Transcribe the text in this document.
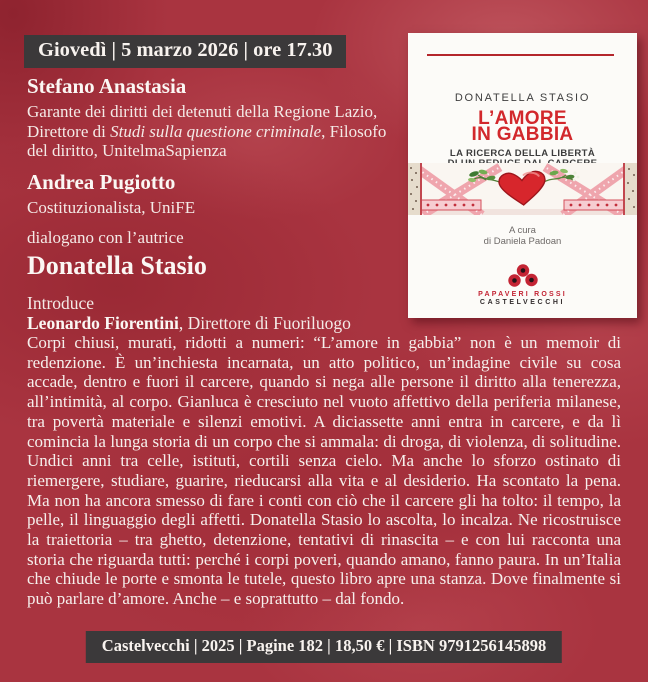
Giovedì | 5 marzo 2026 | ore 17.30
Stefano Anastasia
Garante dei diritti dei detenuti della Regione Lazio, Direttore di Studi sulla questione criminale, Filosofo del diritto, UnitelmaSapienza
Andrea Pugiotto
Costituzionalista, UniFE
dialogano con l’autrice
Donatella Stasio
Introduce
Leonardo Fiorentini, Direttore di Fuoriluogo
DONATELLA STASIO
L’AMORE
IN GABBIA
LA RICERCA DELLA LIBERTÀ
A cura
di Daniela Padoan
PAPAVERI ROSSI
CASTELVECCHI
Corpi chiusi, murati, ridotti a numeri: “L’amore in gabbia” non è un memoir di redenzione. È un’inchiesta incarnata, un atto politico, un’indagine civile su cosa accade, dentro e fuori il carcere, quando si nega alle persone il diritto alla tenerezza, all’intimità, al corpo. Gianluca è cresciuto nel vuoto affettivo della periferia milanese, tra povertà materiale e silenzi emotivi. A diciassette anni entra in carcere, e da lì comincia la lunga storia di un corpo che si ammala: di droga, di violenza, di solitudine. Undici anni tra celle, istituti, cortili senza cielo. Ma anche lo sforzo ostinato di riemergere, studiare, guarire, rieducarsi alla vita e al desiderio. Ha scontato la pena. Ma non ha ancora smesso di fare i conti con ciò che il carcere gli ha tolto: il tempo, la pelle, il linguaggio degli affetti. Donatella Stasio lo ascolta, lo incalza. Ne ricostruisce la traiettoria – tra ghetto, detenzione, tentativi di rinascita – e con lui racconta una storia che riguarda tutti: perché i corpi poveri, quando amano, fanno paura. In un’Italia che chiude le porte e smonta le tutele, questo libro apre una stanza. Dove finalmente si può parlare d’amore. Anche – e soprattutto – dal fondo.
Castelvecchi | 2025 | Pagine 182 | 18,50 € | ISBN 9791256145898
